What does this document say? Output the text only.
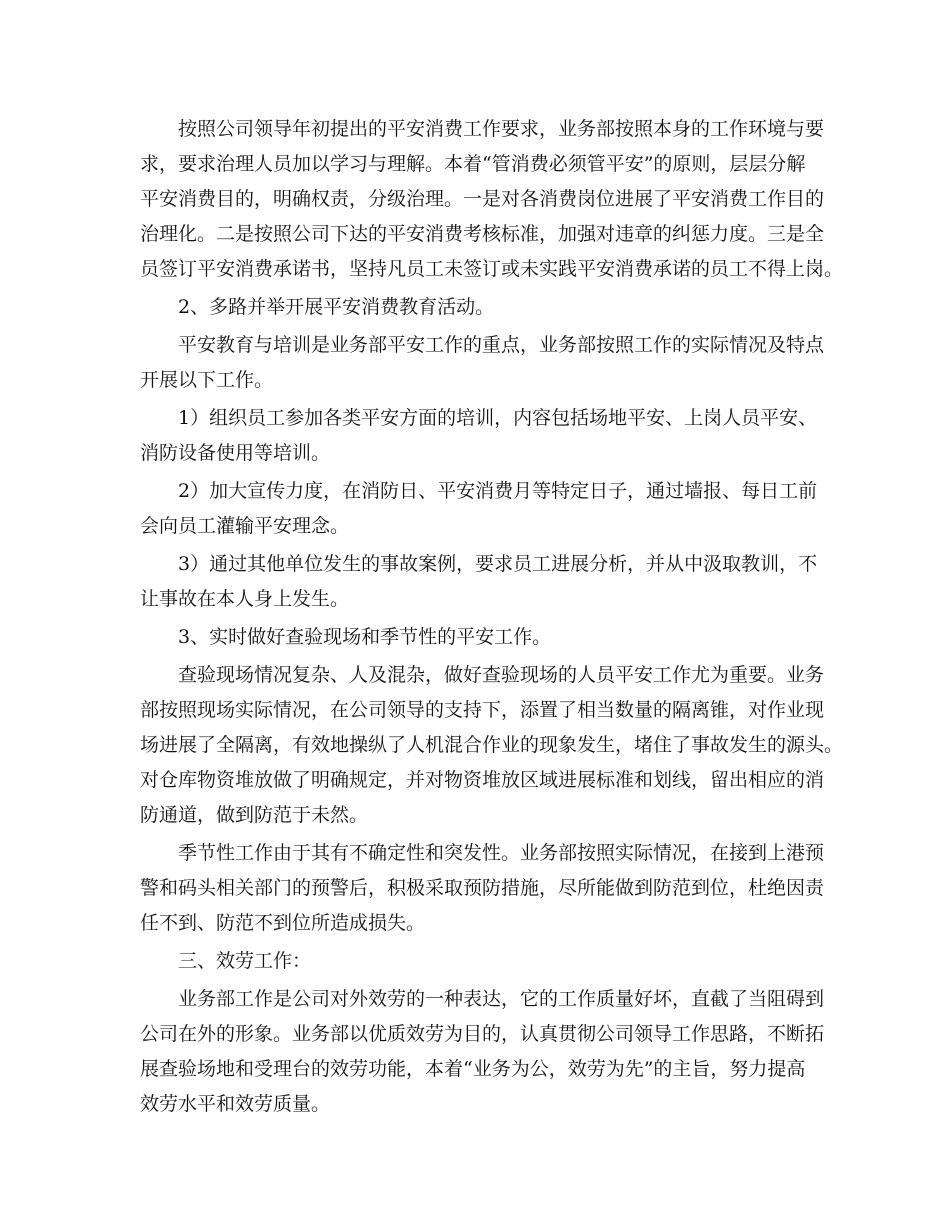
　　按照公司领导年初提出的平安消费工作要求，业务部按照本身的工作环境与要
求，要求治理人员加以学习与理解。本着“管消费必须管平安”的原则，层层分解
平安消费目的，明确权责，分级治理。一是对各消费岗位进展了平安消费工作目的
治理化。二是按照公司下达的平安消费考核标准，加强对违章的纠惩力度。三是全
员签订平安消费承诺书，坚持凡员工未签订或未实践平安消费承诺的员工不得上岗。
　　2、多路并举开展平安消费教育活动。
　　平安教育与培训是业务部平安工作的重点，业务部按照工作的实际情况及特点
开展以下工作。
　　1）组织员工参加各类平安方面的培训，内容包括场地平安、上岗人员平安、
消防设备使用等培训。
　　2）加大宣传力度，在消防日、平安消费月等特定日子，通过墙报、每日工前
会向员工灌输平安理念。
　　3）通过其他单位发生的事故案例，要求员工进展分析，并从中汲取教训，不
让事故在本人身上发生。
　　3、实时做好查验现场和季节性的平安工作。
　　查验现场情况复杂、人及混杂，做好查验现场的人员平安工作尤为重要。业务
部按照现场实际情况，在公司领导的支持下，添置了相当数量的隔离锥，对作业现
场进展了全隔离，有效地操纵了人机混合作业的现象发生，堵住了事故发生的源头。
对仓库物资堆放做了明确规定，并对物资堆放区域进展标准和划线，留出相应的消
防通道，做到防范于未然。
　　季节性工作由于其有不确定性和突发性。业务部按照实际情况，在接到上港预
警和码头相关部门的预警后，积极采取预防措施，尽所能做到防范到位，杜绝因责
任不到、防范不到位所造成损失。
　　三、效劳工作：
　　业务部工作是公司对外效劳的一种表达，它的工作质量好坏，直截了当阻碍到
公司在外的形象。业务部以优质效劳为目的，认真贯彻公司领导工作思路，不断拓
展查验场地和受理台的效劳功能，本着“业务为公，效劳为先”的主旨，努力提高
效劳水平和效劳质量。
